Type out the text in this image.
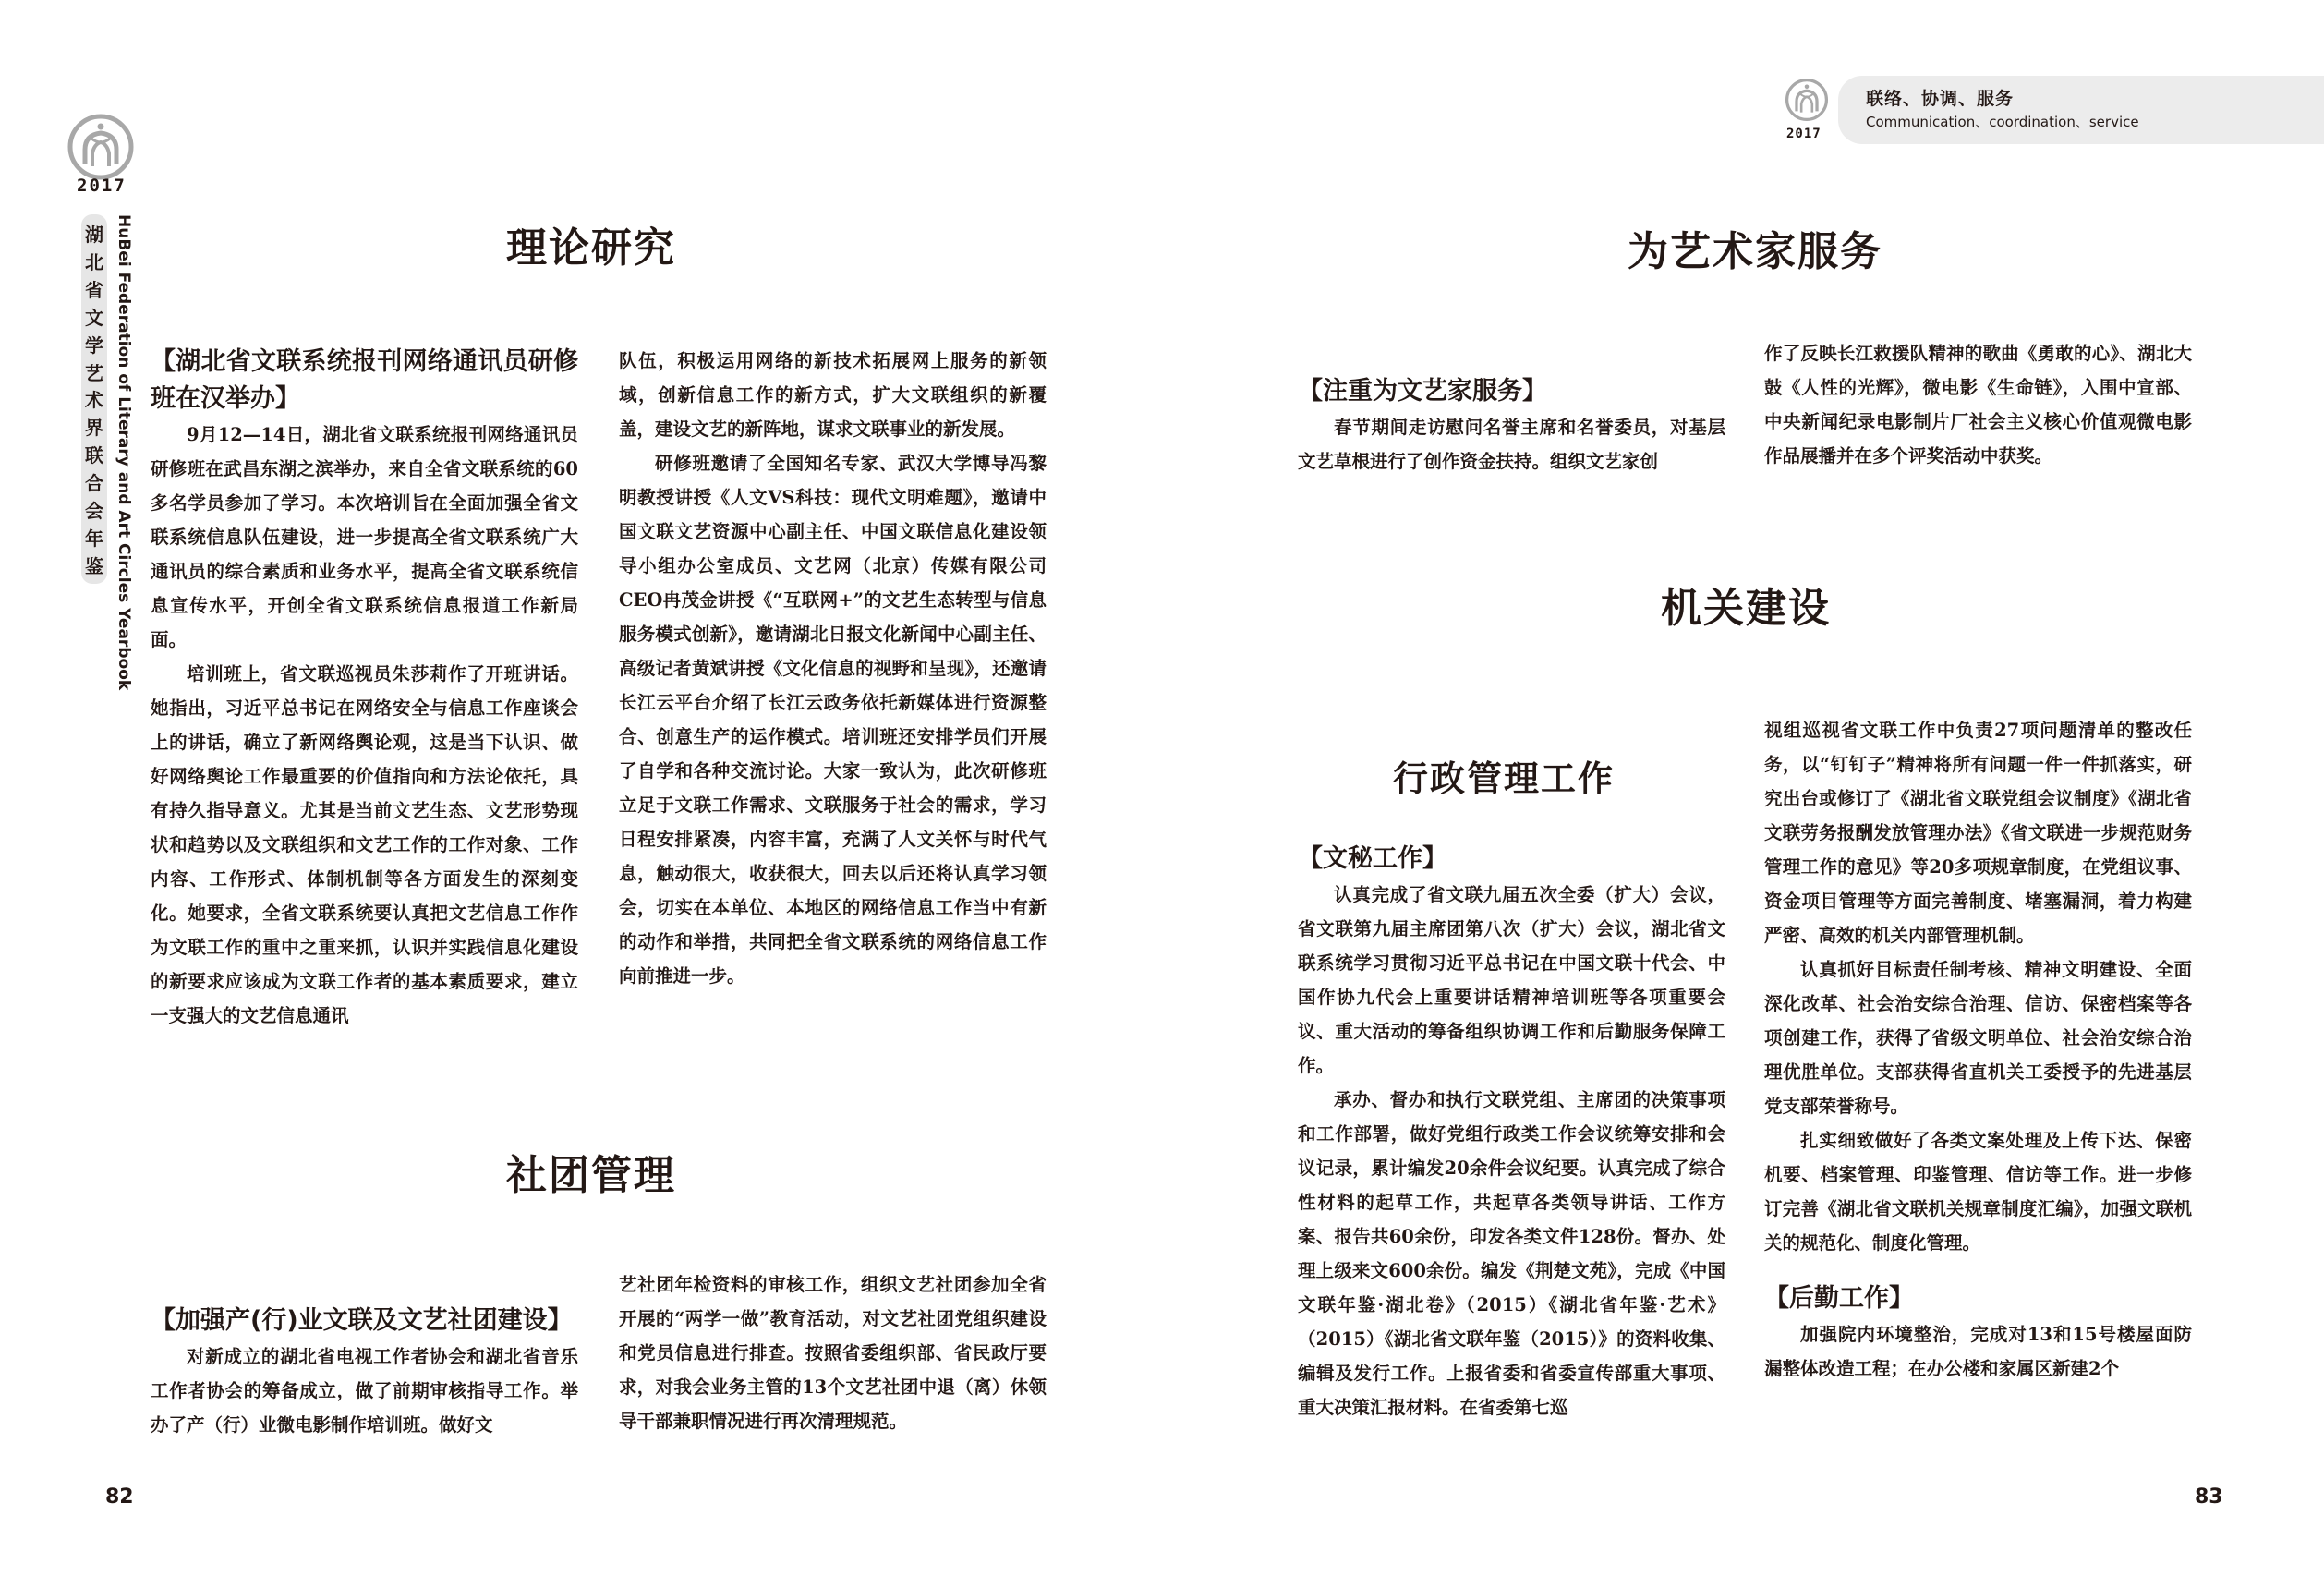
2017
湖
北
省
文
学
艺
术
界
联
合
会
年
鉴 HuBei Federation of Literary and Art Circles Yearbook	理论研究

【湖北省文联系统报刊网络通讯员研修班在汉举办】

9月12—14日，湖北省文联系统报刊网络通讯员研修班在武昌东湖之滨举办，来自全省文联系统的60多名学员参加了学习。本次培训旨在全面加强全省文联系统信息队伍建设，进一步提高全省文联系统广大通讯员的综合素质和业务水平，提高全省文联系统信息宣传水平，开创全省文联系统信息报道工作新局面。

培训班上，省文联巡视员朱莎莉作了开班讲话。她指出，习近平总书记在网络安全与信息工作座谈会上的讲话，确立了新网络舆论观，这是当下认识、做好网络舆论工作最重要的价值指向和方法论依托，具有持久指导意义。尤其是当前文艺生态、文艺形势现状和趋势以及文联组织和文艺工作的工作对象、工作内容、工作形式、体制机制等各方面发生的深刻变化。她要求，全省文联系统要认真把文艺信息工作作为文联工作的重中之重来抓，认识并实践信息化建设的新要求应该成为文联工作者的基本素质要求，建立一支强大的文艺信息通讯

队伍，积极运用网络的新技术拓展网上服务的新领域，创新信息工作的新方式，扩大文联组织的新覆盖，建设文艺的新阵地，谋求文联事业的新发展。

研修班邀请了全国知名专家、武汉大学博导冯黎明教授讲授《人文VS科技：现代文明难题》，邀请中国文联文艺资源中心副主任、中国文联信息化建设领导小组办公室成员、文艺网（北京）传媒有限公司CEO冉茂金讲授《“互联网+”的文艺生态转型与信息服务模式创新》，邀请湖北日报文化新闻中心副主任、高级记者黄斌讲授《文化信息的视野和呈现》，还邀请长江云平台介绍了长江云政务依托新媒体进行资源整合、创意生产的运作模式。培训班还安排学员们开展了自学和各种交流讨论。大家一致认为，此次研修班立足于文联工作需求、文联服务于社会的需求，学习日程安排紧凑，内容丰富，充满了人文关怀与时代气息，触动很大，收获很大，回去以后还将认真学习领会，切实在本单位、本地区的网络信息工作当中有新的动作和举措，共同把全省文联系统的网络信息工作向前推进一步。

社团管理

【加强产(行)业文联及文艺社团建设】

对新成立的湖北省电视工作者协会和湖北省音乐工作者协会的筹备成立，做了前期审核指导工作。举办了产（行）业微电影制作培训班。做好文

艺社团年检资料的审核工作，组织文艺社团参加全省开展的“两学一做”教育活动，对文艺社团党组织建设和党员信息进行排查。按照省委组织部、省民政厅要求，对我会业务主管的13个文艺社团中退（离）休领导干部兼职情况进行再次清理规范。

82
2017
联络、协调、服务
Communication、coordination、service
为艺术家服务

【注重为文艺家服务】

春节期间走访慰问名誉主席和名誉委员，对基层文艺草根进行了创作资金扶持。组织文艺家创

作了反映长江救援队精神的歌曲《勇敢的心》、湖北大鼓《人性的光辉》，微电影《生命链》，入围中宣部、中央新闻纪录电影制片厂社会主义核心价值观微电影作品展播并在多个评奖活动中获奖。

机关建设
行政管理工作

【文秘工作】

认真完成了省文联九届五次全委（扩大）会议，省文联第九届主席团第八次（扩大）会议，湖北省文联系统学习贯彻习近平总书记在中国文联十代会、中国作协九代会上重要讲话精神培训班等各项重要会议、重大活动的筹备组织协调工作和后勤服务保障工作。

承办、督办和执行文联党组、主席团的决策事项和工作部署，做好党组行政类工作会议统筹安排和会议记录，累计编发20余件会议纪要。认真完成了综合性材料的起草工作，共起草各类领导讲话、工作方案、报告共60余份，印发各类文件128份。督办、处理上级来文600余份。编发《荆楚文苑》，完成《中国文联年鉴·湖北卷》（2015）《湖北省年鉴·艺术》（2015）《湖北省文联年鉴（2015）》的资料收集、编辑及发行工作。上报省委和省委宣传部重大事项、重大决策汇报材料。在省委第七巡

视组巡视省文联工作中负责27项问题清单的整改任务，以“钉钉子”精神将所有问题一件一件抓落实，研究出台或修订了《湖北省文联党组会议制度》《湖北省文联劳务报酬发放管理办法》《省文联进一步规范财务管理工作的意见》等20多项规章制度，在党组议事、资金项目管理等方面完善制度、堵塞漏洞，着力构建严密、高效的机关内部管理机制。

认真抓好目标责任制考核、精神文明建设、全面深化改革、社会治安综合治理、信访、保密档案等各项创建工作，获得了省级文明单位、社会治安综合治理优胜单位。支部获得省直机关工委授予的先进基层党支部荣誉称号。

扎实细致做好了各类文案处理及上传下达、保密机要、档案管理、印鉴管理、信访等工作。进一步修订完善《湖北省文联机关规章制度汇编》，加强文联机关的规范化、制度化管理。

【后勤工作】

加强院内环境整治，完成对13和15号楼屋面防漏整体改造工程；在办公楼和家属区新建2个

83
